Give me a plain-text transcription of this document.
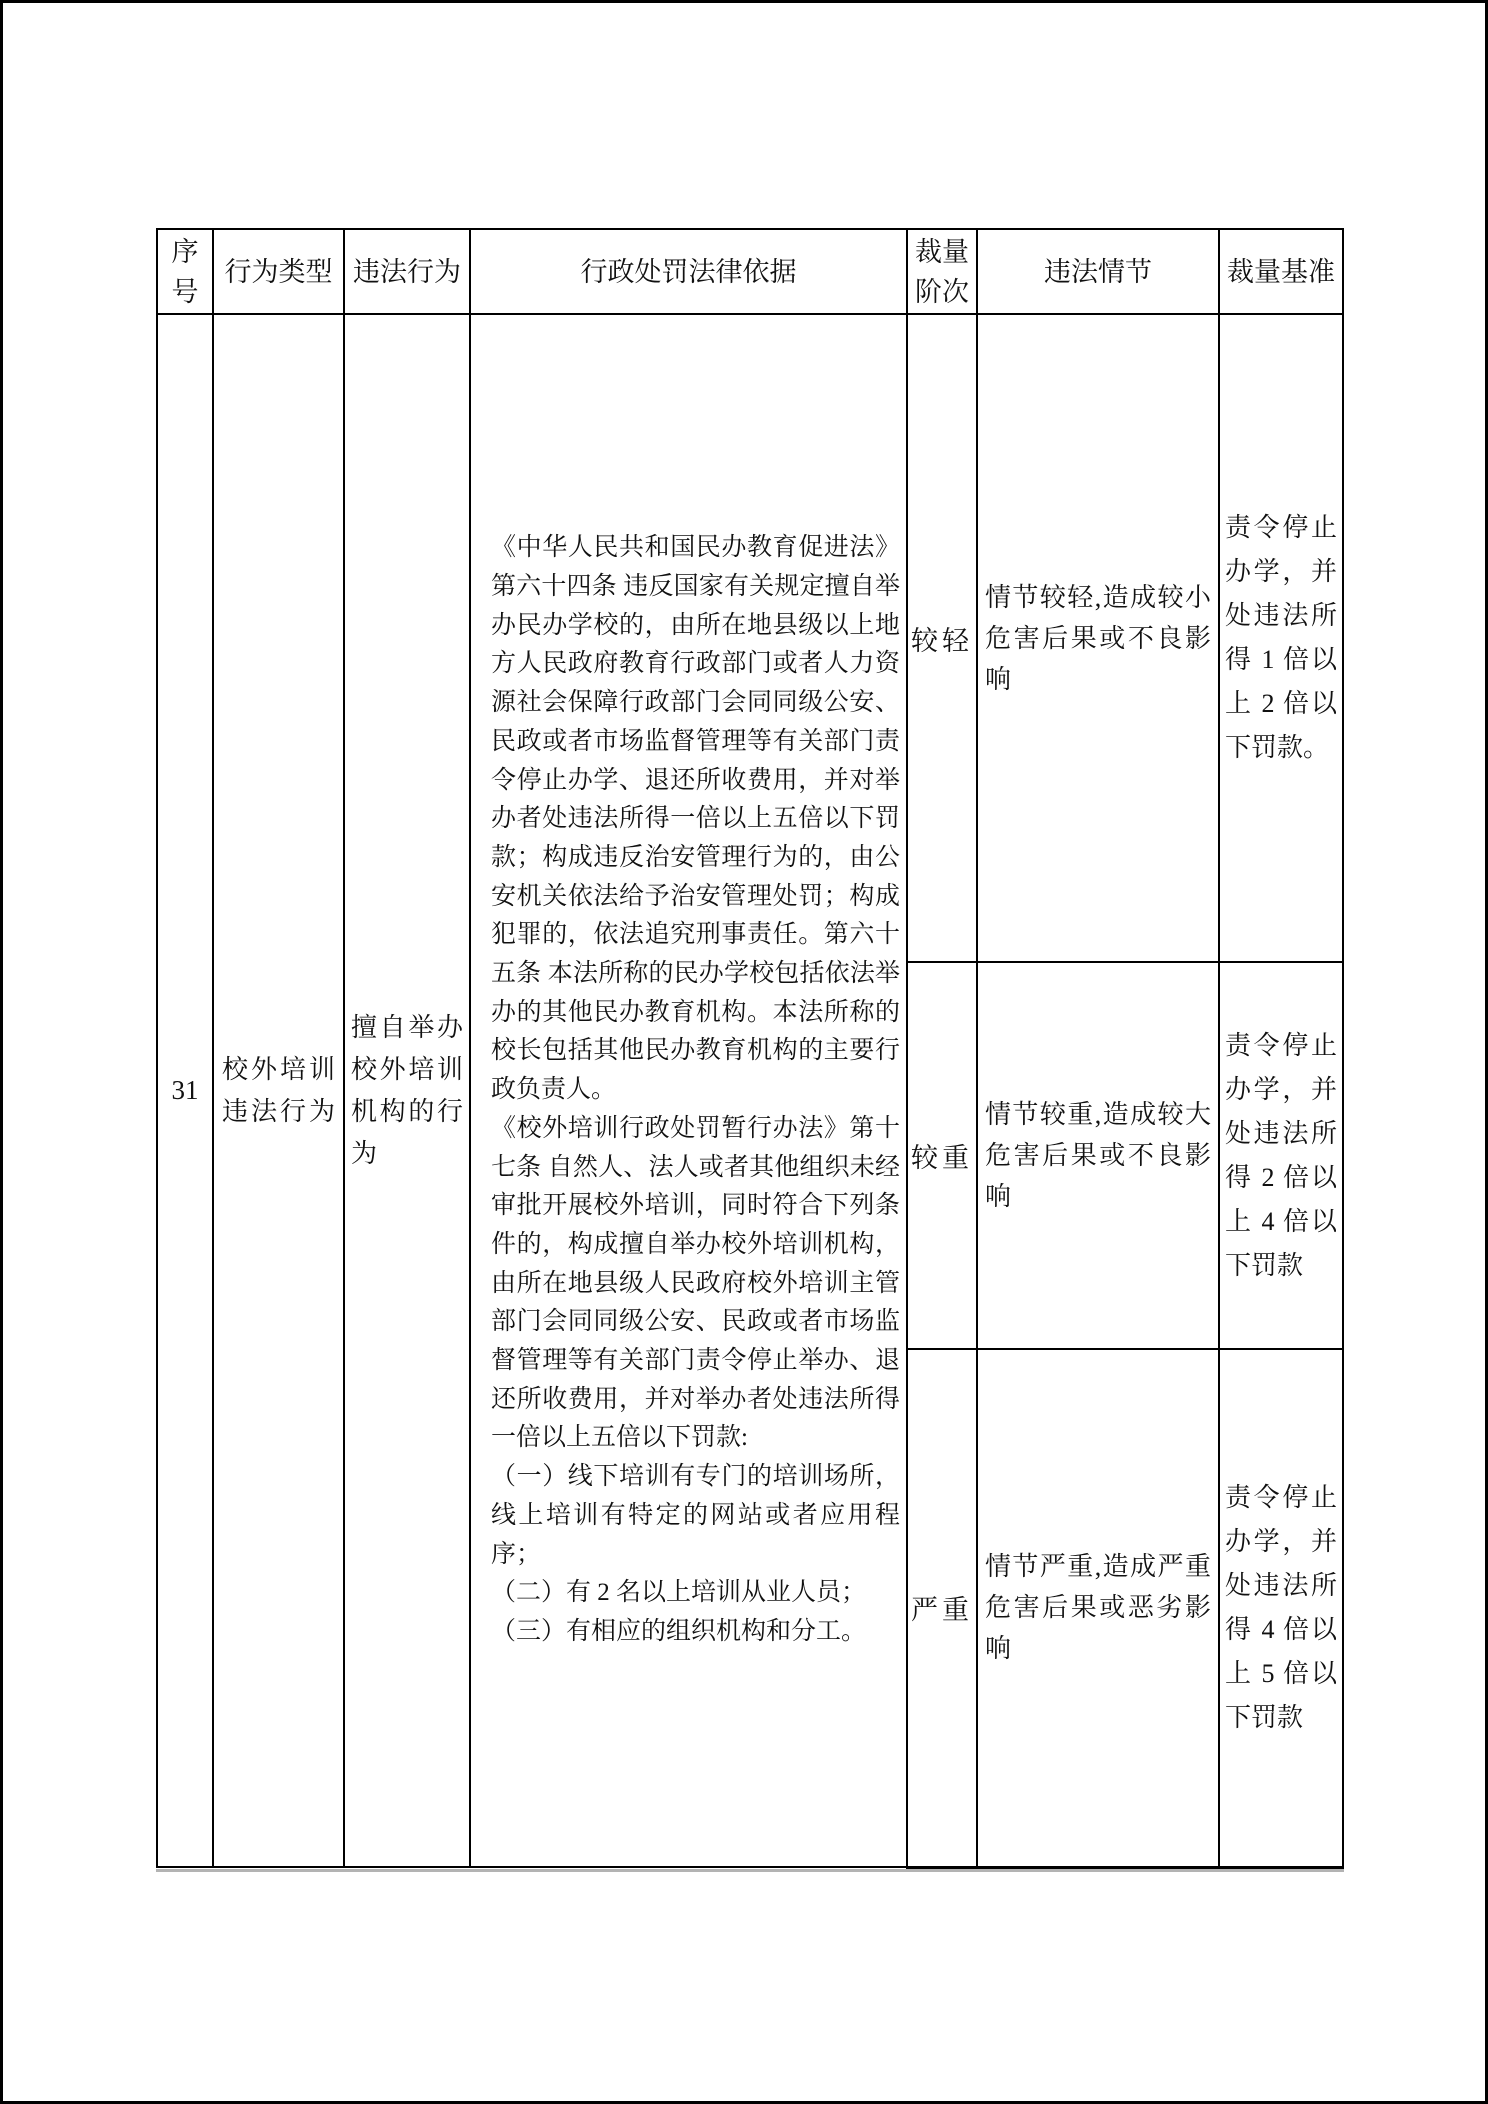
序号	行为类型	违法行为	行政处罚法律依据	裁量阶次	违法情节	裁量基准
31	校外培训违法行为	擅自举办校外培训机构的行为	《中华人民共和国民办教育促进法》第六十四条 违反国家有关规定擅自举办民办学校的，由所在地县级以上地方人民政府教育行政部门或者人力资源社会保障行政部门会同同级公安、民政或者市场监督管理等有关部门责令停止办学、退还所收费用，并对举办者处违法所得一倍以上五倍以下罚款；构成违反治安管理行为的，由公安机关依法给予治安管理处罚；构成犯罪的，依法追究刑事责任。第六十五条 本法所称的民办学校包括依法举办的其他民办教育机构。本法所称的校长包括其他民办教育机构的主要行政负责人。

《校外培训行政处罚暂行办法》第十七条 自然人、法人或者其他组织未经审批开展校外培训，同时符合下列条件的，构成擅自举办校外培训机构，由所在地县级人民政府校外培训主管部门会同同级公安、民政或者市场监督管理等有关部门责令停止举办、退还所收费用，并对举办者处违法所得一倍以上五倍以下罚款:

（一）线下培训有专门的培训场所，线上培训有特定的网站或者应用程序；

（二）有 2 名以上培训从业人员；

（三）有相应的组织机构和分工。	较轻	情节较轻,造成较小危害后果或不良影响	责令停止办学，并处违法所得 1 倍以上 2 倍以下罚款。

				较重	情节较重,造成较大危害后果或不良影响	责令停止办学，并处违法所得 2 倍以上 4 倍以下罚款

				严重	情节严重,造成严重危害后果或恶劣影响	责令停止办学，并处违法所得 4 倍以上 5 倍以下罚款
